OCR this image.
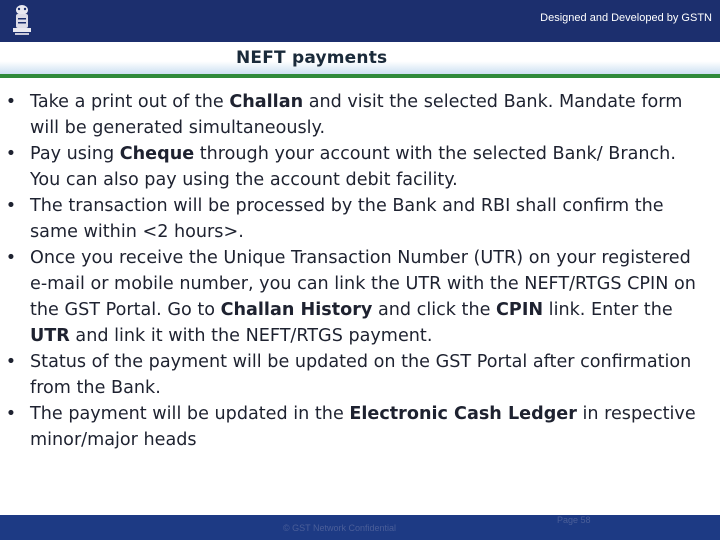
Designed and Developed by GSTN
NEFT payments
• Take a print out of the Challan and visit the selected Bank. Mandate form will be generated simultaneously.
• Pay using Cheque through your account with the selected Bank/ Branch. You can also pay using the account debit facility.
• The transaction will be processed by the Bank and RBI shall confirm the same within <2 hours>.
• Once you receive the Unique Transaction Number (UTR) on your registered e-mail or mobile number, you can link the UTR with the NEFT/RTGS CPIN on the GST Portal. Go to Challan History and click the CPIN link. Enter the UTR and link it with the NEFT/RTGS payment.
• Status of the payment will be updated on the GST Portal after confirmation from the Bank.
• The payment will be updated in the Electronic Cash Ledger in respective minor/major heads
© GST Network Confidential
Page 58
